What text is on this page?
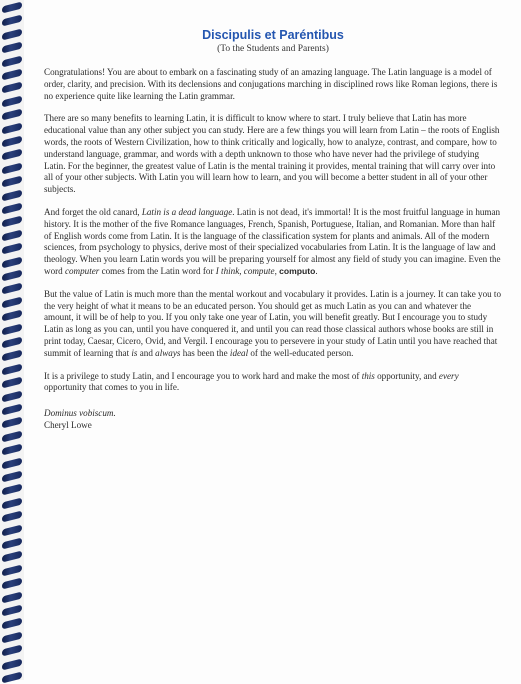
Discipulis et Paréntibus
(To the Students and Parents)

Congratulations! You are about to embark on a fascinating study of an amazing language. The Latin language is a model of order, clarity, and precision. With its declensions and conjugations marching in disciplined rows like Roman legions, there is no experience quite like learning the Latin grammar.

There are so many benefits to learning Latin, it is difficult to know where to start. I truly believe that Latin has more educational value than any other subject you can study. Here are a few things you will learn from Latin – the roots of English words, the roots of Western Civilization, how to think critically and logically, how to analyze, contrast, and compare, how to understand language, grammar, and words with a depth unknown to those who have never had the privilege of studying Latin. For the beginner, the greatest value of Latin is the mental training it provides, mental training that will carry over into all of your other subjects. With Latin you will learn how to learn, and you will become a better student in all of your other subjects.

And forget the old canard, Latin is a dead language. Latin is not dead, it's immortal! It is the most fruitful language in human history. It is the mother of the five Romance languages, French, Spanish, Portuguese, Italian, and Romanian. More than half of English words come from Latin. It is the language of the classification system for plants and animals. All of the modern sciences, from psychology to physics, derive most of their specialized vocabularies from Latin. It is the language of law and theology. When you learn Latin words you will be preparing yourself for almost any field of study you can imagine. Even the word computer comes from the Latin word for I think, compute, computo.

But the value of Latin is much more than the mental workout and vocabulary it provides. Latin is a journey. It can take you to the very height of what it means to be an educated person. You should get as much Latin as you can and whatever the amount, it will be of help to you. If you only take one year of Latin, you will benefit greatly. But I encourage you to study Latin as long as you can, until you have conquered it, and until you can read those classical authors whose books are still in print today, Caesar, Cicero, Ovid, and Vergil. I encourage you to persevere in your study of Latin until you have reached that summit of learning that is and always has been the ideal of the well-educated person.

It is a privilege to study Latin, and I encourage you to work hard and make the most of this opportunity, and every opportunity that comes to you in life.

Dominus vobiscum.

Cheryl Lowe
